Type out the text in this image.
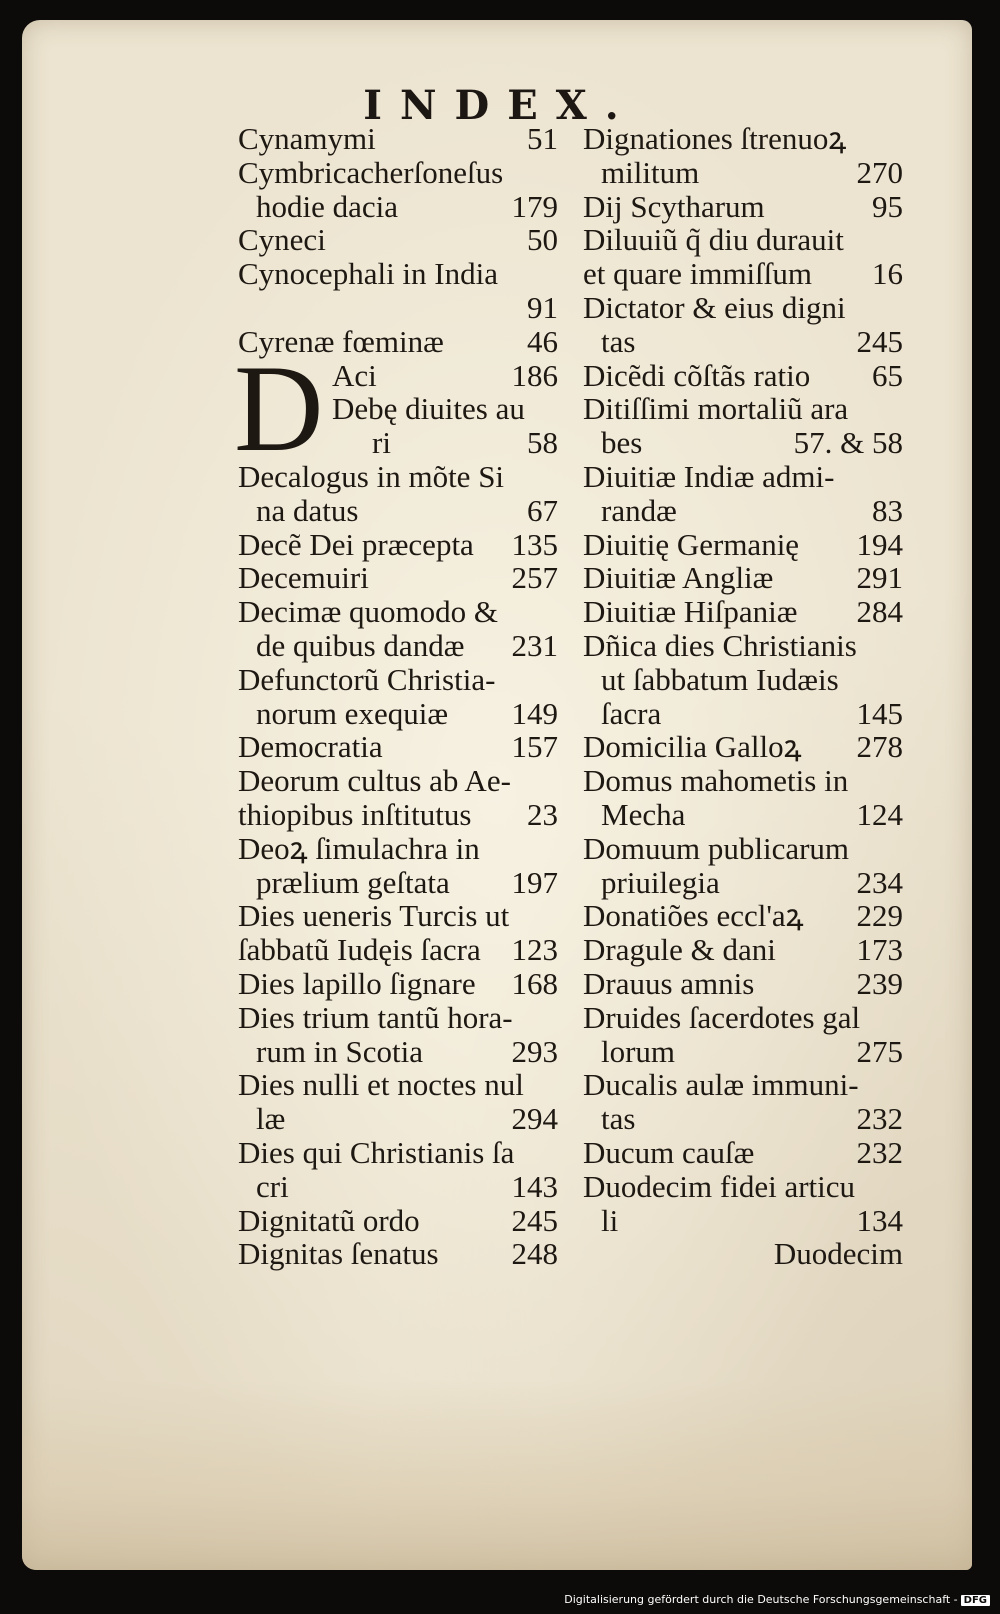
INDEX.
Cynamymi	51
Cymbricacherſoneſus
hodie dacia	179
Cyneci	50
Cynocephali in India
91
Cyrenæ fœminæ	46
D Aci	186
Debę diuites au
ri	58
Decalogus in mõte Si
na datus	67
Decẽ Dei præcepta 135
Decemuiri	257
Decimæ quomodo &
de quibus dandæ 231
Defunctorũ Christia-
norum exequiæ 149
Democratia	157
Deorum cultus ab Ae-
thiopibus inſtitutus 23
Deoꝝ ſimulachra in
prælium geſtata 197
Dies ueneris Turcis ut
ſabbatũ Iudęis ſacra 123
Dies lapillo ſignare 168
Dies trium tantũ hora-
rum in Scotia	293
Dies nulli et noctes nul
læ	294
Dies qui Christianis ſa
cri	143
Dignitatũ ordo	245
Dignitas ſenatus 248
Dignationes ſtrenuoꝝ
militum	270
Dij Scytharum	95
Diluuiũ q̃ diu durauit
et quare immiſſum 16
Dictator & eius digni
tas	245
Dicẽdi cõſtãs ratio 65
Ditiſſimi mortaliũ ara
bes	57. & 58
Diuitiæ Indiæ admi-
randæ	83
Diuitię Germanię 194
Diuitiæ Angliæ	291
Diuitiæ Hiſpaniæ 284
Dñica dies Christianis
ut ſabbatum Iudæis
ſacra	145
Domicilia Galloꝝ 278
Domus mahometis in
Mecha	124
Domuum publicarum
priuilegia	234
Donatiões eccl'aꝝ 229
Dragule & dani	173
Drauus amnis	239
Druides ſacerdotes gal
lorum	275
Ducalis aulæ immuni-
tas	232
Ducum cauſæ	232
Duodecim fidei articu
li	134
Duodecim
Digitalisierung gefördert durch die Deutsche Forschungsgemeinschaft - DFG
